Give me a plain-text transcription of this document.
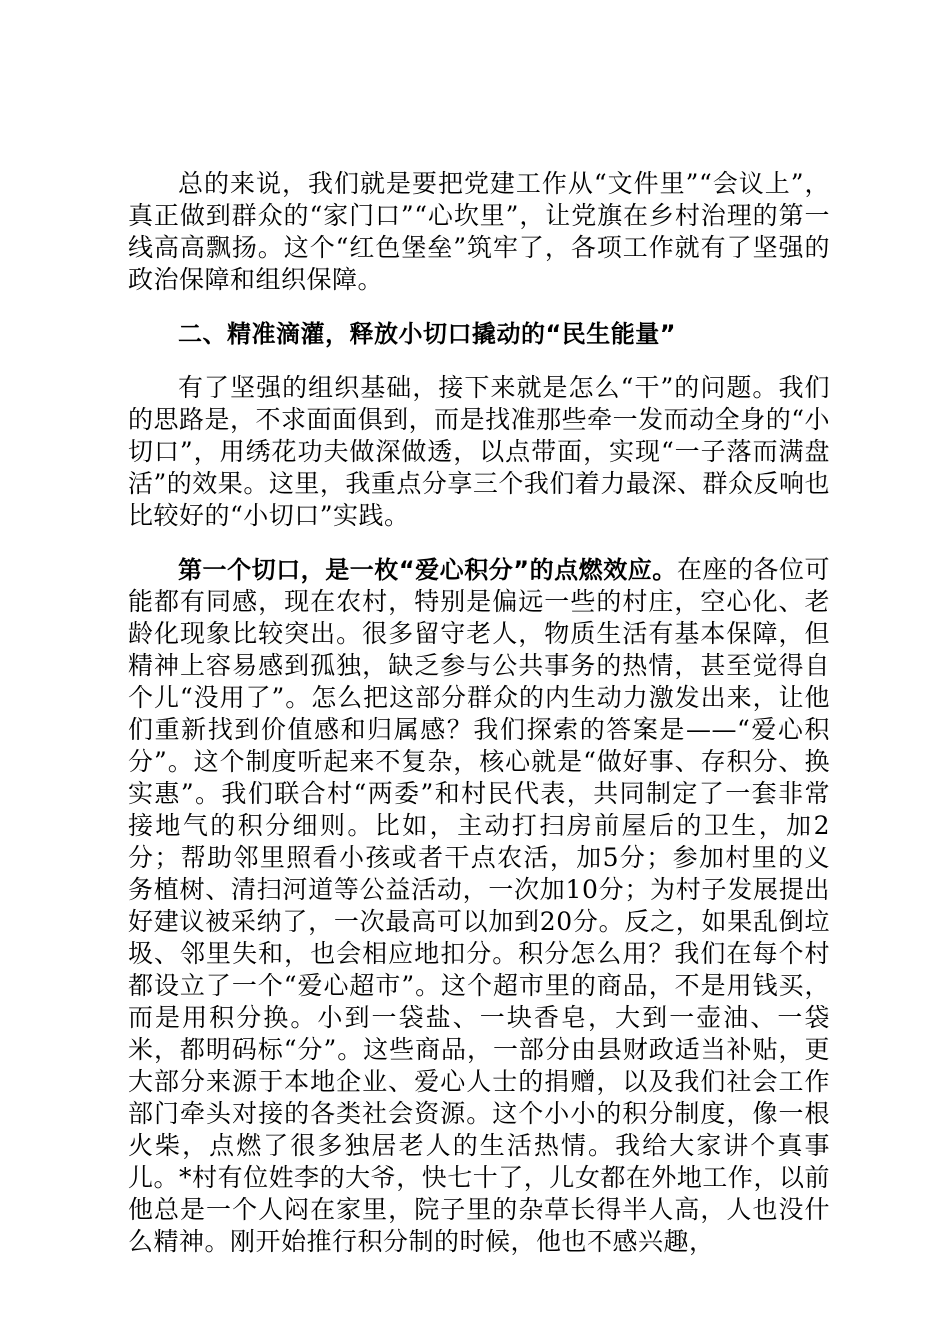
总的来说，我们就是要把党建工作从“文件里”“会议上”，真正做到群众的“家门口”“心坎里”，让党旗在乡村治理的第一线高高飘扬。这个“红色堡垒”筑牢了，各项工作就有了坚强的政治保障和组织保障。

二、精准滴灌，释放小切口撬动的“民生能量”

有了坚强的组织基础，接下来就是怎么“干”的问题。我们的思路是，不求面面俱到，而是找准那些牵一发而动全身的“小切口”，用绣花功夫做深做透，以点带面，实现“一子落而满盘活”的效果。这里，我重点分享三个我们着力最深、群众反响也比较好的“小切口”实践。

第一个切口，是一枚“爱心积分”的点燃效应。在座的各位可能都有同感，现在农村，特别是偏远一些的村庄，空心化、老龄化现象比较突出。很多留守老人，物质生活有基本保障，但精神上容易感到孤独，缺乏参与公共事务的热情，甚至觉得自个儿“没用了”。怎么把这部分群众的内生动力激发出来，让他们重新找到价值感和归属感？我们探索的答案是——“爱心积分”。这个制度听起来不复杂，核心就是“做好事、存积分、换实惠”。我们联合村“两委”和村民代表，共同制定了一套非常接地气的积分细则。比如，主动打扫房前屋后的卫生，加2分；帮助邻里照看小孩或者干点农活，加5分；参加村里的义务植树、清扫河道等公益活动，一次加10分；为村子发展提出好建议被采纳了，一次最高可以加到20分。反之，如果乱倒垃圾、邻里失和，也会相应地扣分。积分怎么用？我们在每个村都设立了一个“爱心超市”。这个超市里的商品，不是用钱买，而是用积分换。小到一袋盐、一块香皂，大到一壶油、一袋米，都明码标“分”。这些商品，一部分由县财政适当补贴，更大部分来源于本地企业、爱心人士的捐赠，以及我们社会工作部门牵头对接的各类社会资源。这个小小的积分制度，像一根火柴，点燃了很多独居老人的生活热情。我给大家讲个真事儿。*村有位姓李的大爷，快七十了，儿女都在外地工作，以前他总是一个人闷在家里，院子里的杂草长得半人高，人也没什么精神。刚开始推行积分制的时候，他也不感兴趣，
